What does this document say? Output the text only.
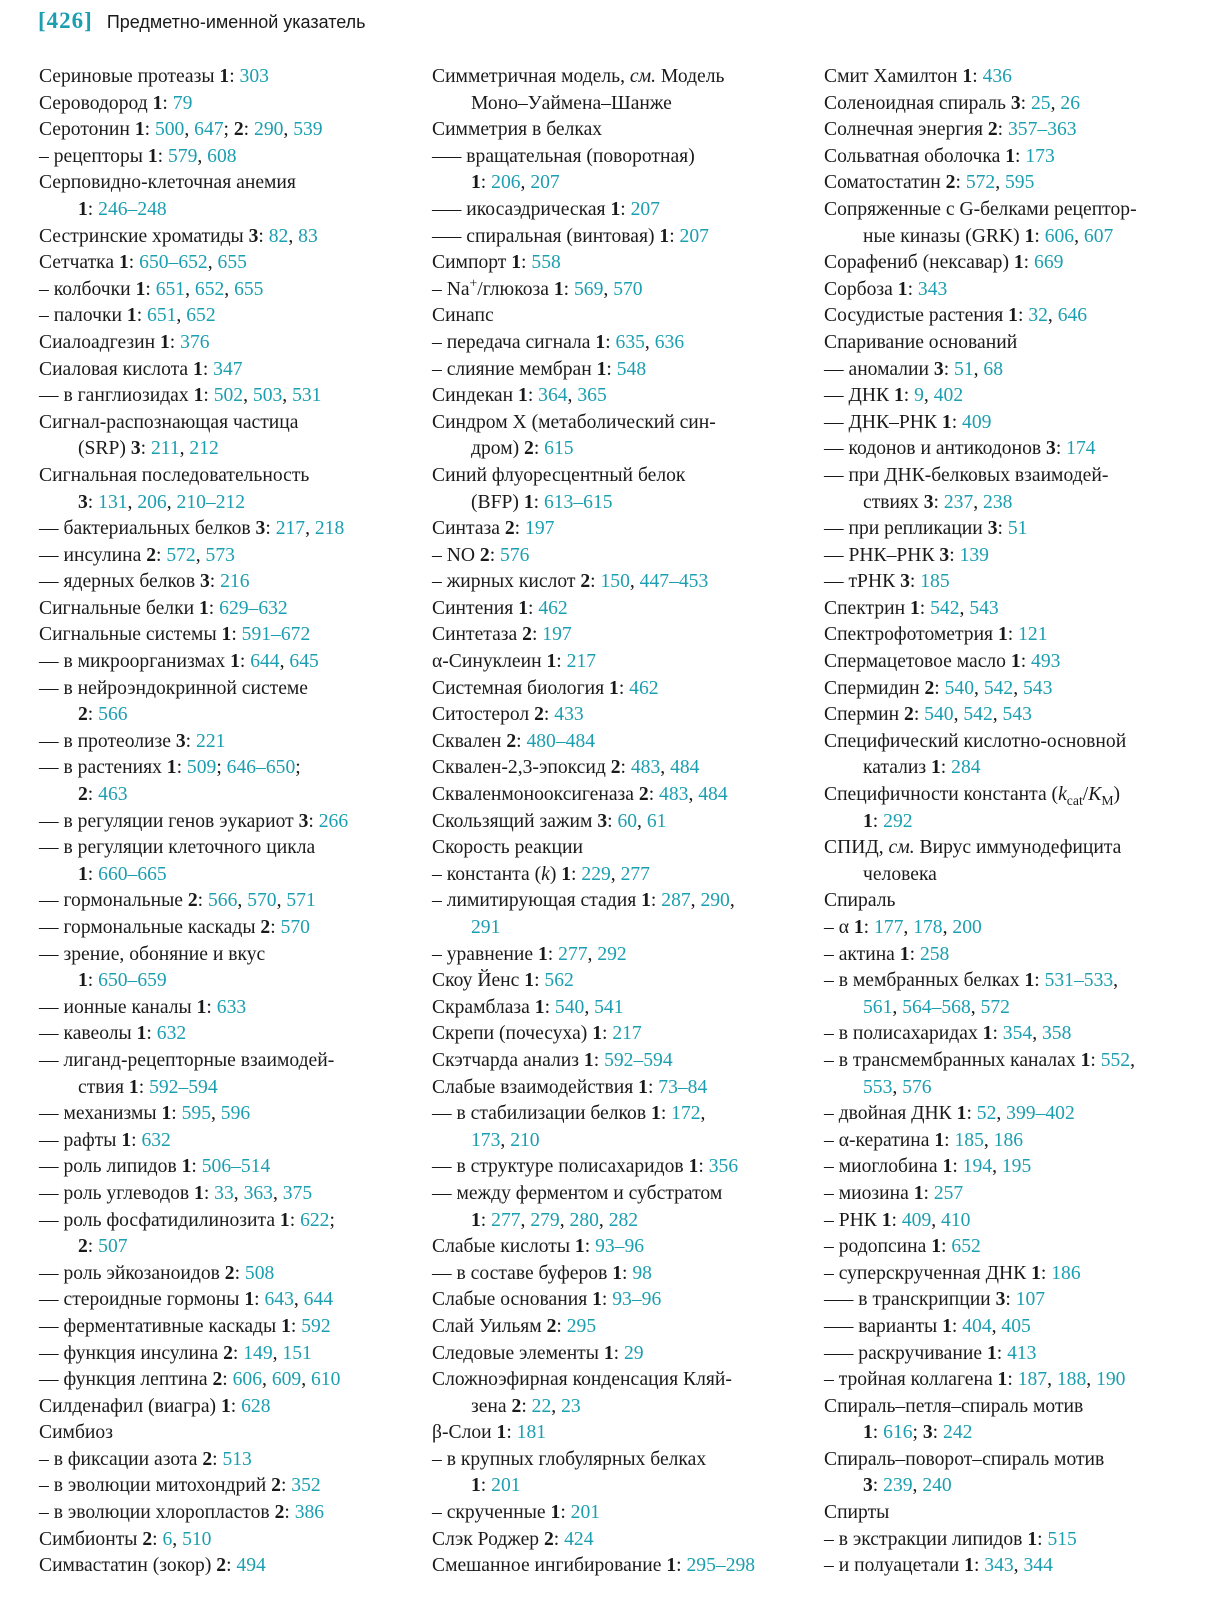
[426] Предметно-именной указатель
Сериновые протеазы 1: 303
Сероводород 1: 79
Серотонин 1: 500, 647; 2: 290, 539
– рецепторы 1: 579, 608
Серповидно-клеточная анемия
1: 246–248
Сестринские хроматиды 3: 82, 83
Сетчатка 1: 650–652, 655
– колбочки 1: 651, 652, 655
– палочки 1: 651, 652
Сиалоадгезин 1: 376
Сиаловая кислота 1: 347
–– в ганглиозидах 1: 502, 503, 531
Сигнал-распознающая частица
(SRP) 3: 211, 212
Сигнальная последовательность
3: 131, 206, 210–212
–– бактериальных белков 3: 217, 218
–– инсулина 2: 572, 573
–– ядерных белков 3: 216
Сигнальные белки 1: 629–632
Сигнальные системы 1: 591–672
–– в микроорганизмах 1: 644, 645
–– в нейроэндокринной системе
2: 566
–– в протеолизе 3: 221
–– в растениях 1: 509; 646–650;
2: 463
–– в регуляции генов эукариот 3: 266
–– в регуляции клеточного цикла
1: 660–665
–– гормональные 2: 566, 570, 571
–– гормональные каскады 2: 570
–– зрение, обоняние и вкус
1: 650–659
–– ионные каналы 1: 633
–– кавеолы 1: 632
–– лиганд-рецепторные взаимодей-
ствия 1: 592–594
–– механизмы 1: 595, 596
–– рафты 1: 632
–– роль липидов 1: 506–514
–– роль углеводов 1: 33, 363, 375
–– роль фосфатидилинозита 1: 622;
2: 507
–– роль эйкозаноидов 2: 508
–– стероидные гормоны 1: 643, 644
–– ферментативные каскады 1: 592
–– функция инсулина 2: 149, 151
–– функция лептина 2: 606, 609, 610
Силденафил (виагра) 1: 628
Симбиоз
– в фиксации азота 2: 513
– в эволюции митохондрий 2: 352
– в эволюции хлоропластов 2: 386
Симбионты 2: 6, 510
Симвастатин (зокор) 2: 494
Симметричная модель, см. Модель
Моно–Уаймена–Шанже
Симметрия в белках
––– вращательная (поворотная)
1: 206, 207
––– икосаэдрическая 1: 207
––– спиральная (винтовая) 1: 207
Симпорт 1: 558
– Na+/глюкоза 1: 569, 570
Синапс
– передача сигнала 1: 635, 636
– слияние мембран 1: 548
Синдекан 1: 364, 365
Синдром X (метаболический син-
дром) 2: 615
Синий флуоресцентный белок
(BFP) 1: 613–615
Синтаза 2: 197
– NO 2: 576
– жирных кислот 2: 150, 447–453
Синтения 1: 462
Синтетаза 2: 197
α-Синуклеин 1: 217
Системная биология 1: 462
Ситостерол 2: 433
Сквален 2: 480–484
Сквален-2,3-эпоксид 2: 483, 484
Скваленмонооксигеназа 2: 483, 484
Скользящий зажим 3: 60, 61
Скорость реакции
– константа (k) 1: 229, 277
– лимитирующая стадия 1: 287, 290,
291
– уравнение 1: 277, 292
Скоу Йенс 1: 562
Скрамблаза 1: 540, 541
Скрепи (почесуха) 1: 217
Скэтчарда анализ 1: 592–594
Слабые взаимодействия 1: 73–84
–– в стабилизации белков 1: 172,
173, 210
–– в структуре полисахаридов 1: 356
–– между ферментом и субстратом
1: 277, 279, 280, 282
Слабые кислоты 1: 93–96
–– в составе буферов 1: 98
Слабые основания 1: 93–96
Слай Уильям 2: 295
Следовые элементы 1: 29
Сложноэфирная конденсация Кляй-
зена 2: 22, 23
β-Слои 1: 181
– в крупных глобулярных белках
1: 201
– скрученные 1: 201
Слэк Роджер 2: 424
Смешанное ингибирование 1: 295–298
Смит Хамилтон 1: 436
Соленоидная спираль 3: 25, 26
Солнечная энергия 2: 357–363
Сольватная оболочка 1: 173
Соматостатин 2: 572, 595
Сопряженные с G-белками рецептор-
ные киназы (GRK) 1: 606, 607
Сорафениб (нексавар) 1: 669
Сорбоза 1: 343
Сосудистые растения 1: 32, 646
Спаривание оснований
–– аномалии 3: 51, 68
–– ДНК 1: 9, 402
–– ДНК–РНК 1: 409
–– кодонов и антикодонов 3: 174
–– при ДНК-белковых взаимодей-
ствиях 3: 237, 238
–– при репликации 3: 51
–– РНК–РНК 3: 139
–– тРНК 3: 185
Спектрин 1: 542, 543
Спектрофотометрия 1: 121
Спермацетовое масло 1: 493
Спермидин 2: 540, 542, 543
Спермин 2: 540, 542, 543
Специфический кислотно-основной
катализ 1: 284
Специфичности константа $(k_{cat}/K_M)$
1: 292
СПИД, см. Вирус иммунодефицита
человека
Спираль
– α 1: 177, 178, 200
– актина 1: 258
– в мембранных белках 1: 531–533,
561, 564–568, 572
– в полисахаридах 1: 354, 358
– в трансмембранных каналах 1: 552,
553, 576
– двойная ДНК 1: 52, 399–402
– α-кератина 1: 185, 186
– миоглобина 1: 194, 195
– миозина 1: 257
– РНК 1: 409, 410
– родопсина 1: 652
– суперскрученная ДНК 1: 186
––– в транскрипции 3: 107
––– варианты 1: 404, 405
––– раскручивание 1: 413
– тройная коллагена 1: 187, 188, 190
Спираль–петля–спираль мотив
1: 616; 3: 242
Спираль–поворот–спираль мотив
3: 239, 240
Спирты
– в экстракции липидов 1: 515
– и полуацетали 1: 343, 344
